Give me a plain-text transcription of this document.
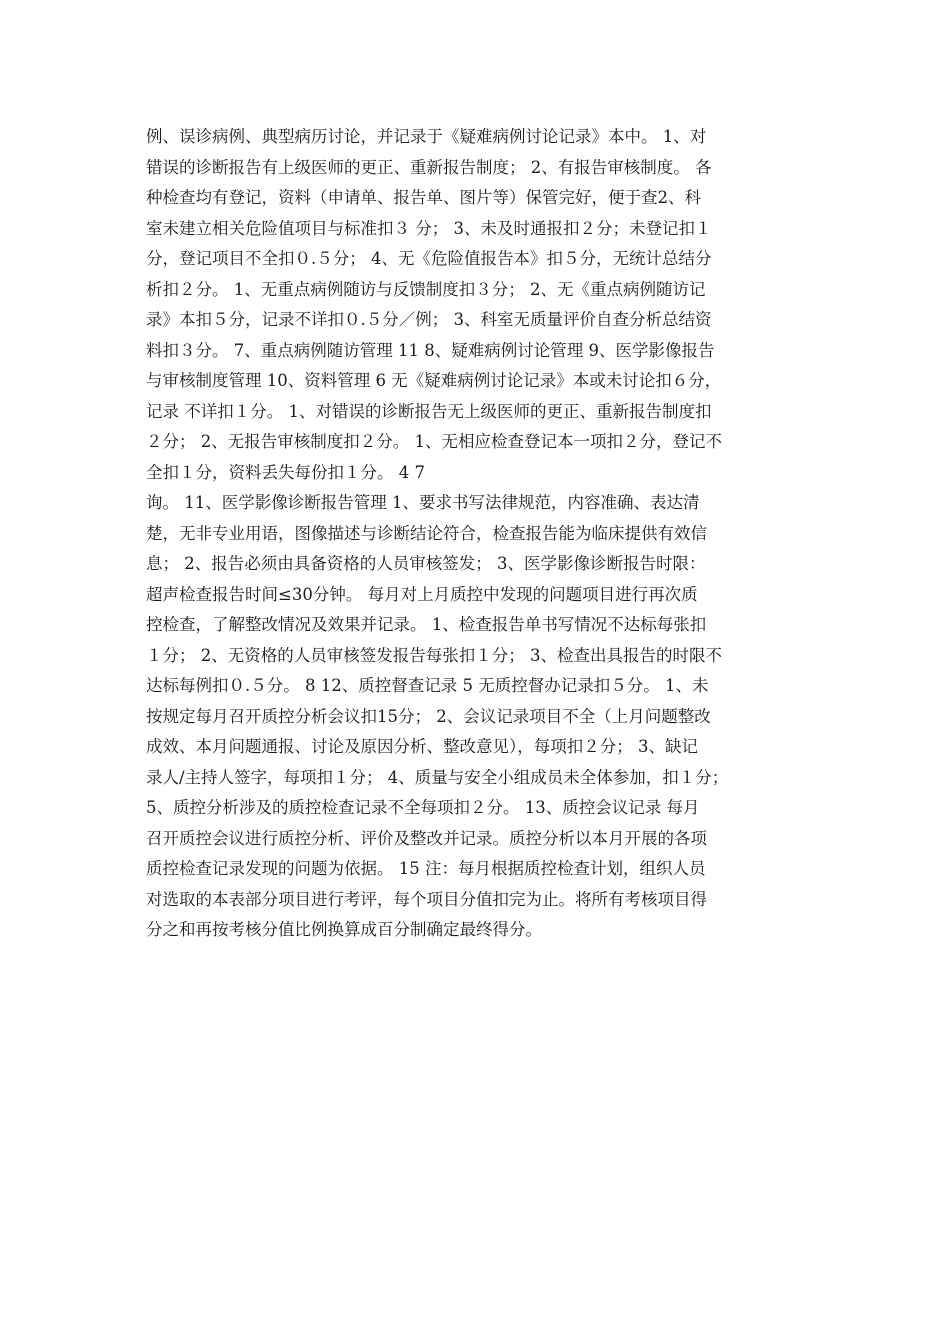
例、误诊病例、典型病历讨论，并记录于《疑难病例讨论记录》本中。 1、对
错误的诊断报告有上级医师的更正、重新报告制度； 2、有报告审核制度。 各
种检查均有登记，资料（申请单、报告单、图片等）保管完好，便于查2、科
室未建立相关危险值项目与标准扣３ 分； 3、未及时通报扣２分；未登记扣１
分，登记项目不全扣０.５分； 4、无《危险值报告本》扣５分，无统计总结分
析扣２分。 1、无重点病例随访与反馈制度扣３分； 2、无《重点病例随访记
录》本扣５分，记录不详扣０.５分／例； 3、科室无质量评价自查分析总结资
料扣３分。 7、重点病例随访管理 11 8、疑难病例讨论管理 9、医学影像报告
与审核制度管理 10、资料管理 6 无《疑难病例讨论记录》本或未讨论扣６分，
记录 不详扣１分。 1、对错误的诊断报告无上级医师的更正、重新报告制度扣
２分； 2、无报告审核制度扣２分。 1、无相应检查登记本一项扣２分，登记不
全扣１分，资料丢失每份扣１分。 4 7
询。 11、医学影像诊断报告管理 1、要求书写法律规范，内容准确、表达清
楚，无非专业用语，图像描述与诊断结论符合，检查报告能为临床提供有效信
息； 2、报告必须由具备资格的人员审核签发； 3、医学影像诊断报告时限：
超声检查报告时间≤30分钟。 每月对上月质控中发现的问题项目进行再次质
控检查，了解整改情况及效果并记录。 1、检查报告单书写情况不达标每张扣
１分； 2、无资格的人员审核签发报告每张扣１分； 3、检查出具报告的时限不
达标每例扣０.５分。 8 12、质控督查记录 5 无质控督办记录扣５分。 1、未
按规定每月召开质控分析会议扣15分； 2、会议记录项目不全（上月问题整改
成效、本月问题通报、讨论及原因分析、整改意见），每项扣２分； 3、缺记
录人/主持人签字，每项扣１分； 4、质量与安全小组成员未全体参加，扣１分；
5、质控分析涉及的质控检查记录不全每项扣２分。 13、质控会议记录 每月
召开质控会议进行质控分析、评价及整改并记录。质控分析以本月开展的各项
质控检查记录发现的问题为依据。 15 注：每月根据质控检查计划，组织人员
对选取的本表部分项目进行考评，每个项目分值扣完为止。将所有考核项目得
分之和再按考核分值比例换算成百分制确定最终得分。
